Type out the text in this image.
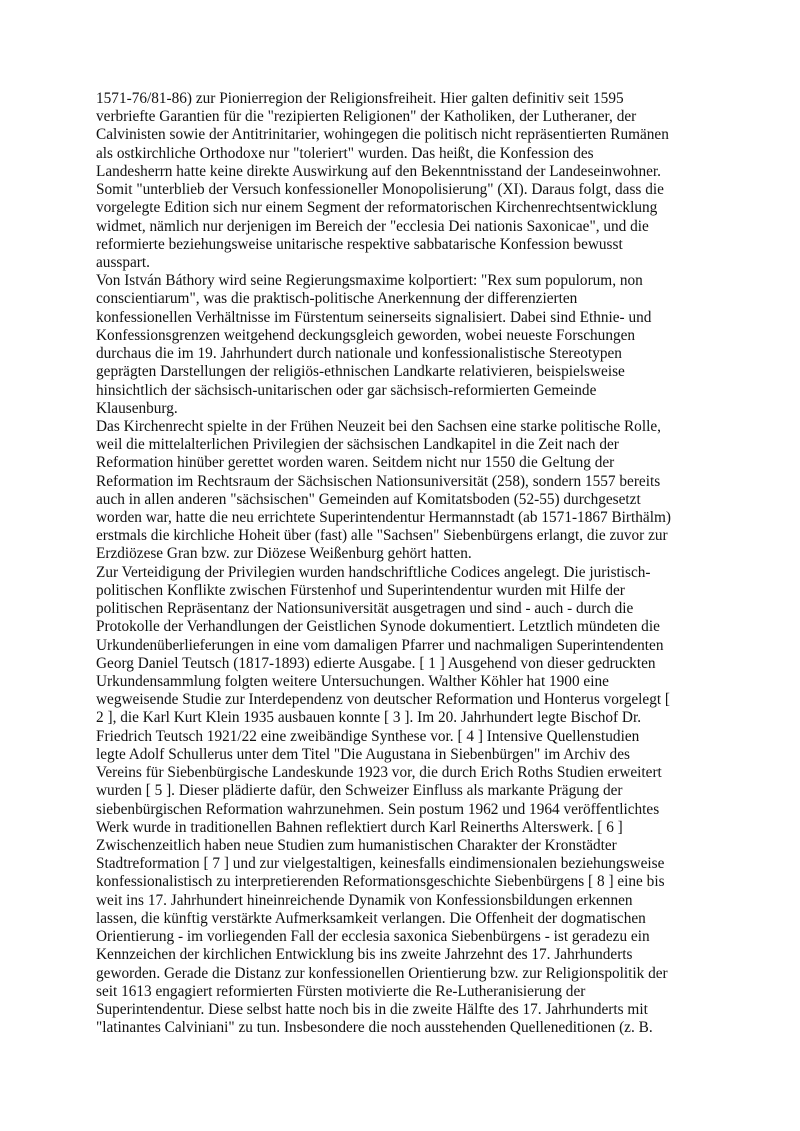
1571-76/81-86) zur Pionierregion der Religionsfreiheit. Hier galten definitiv seit 1595

verbriefte Garantien für die "rezipierten Religionen" der Katholiken, der Lutheraner, der

Calvinisten sowie der Antitrinitarier, wohingegen die politisch nicht repräsentierten Rumänen

als ostkirchliche Orthodoxe nur "toleriert" wurden. Das heißt, die Konfession des

Landesherrn hatte keine direkte Auswirkung auf den Bekenntnisstand der Landeseinwohner.

Somit "unterblieb der Versuch konfessioneller Monopolisierung" (XI). Daraus folgt, dass die

vorgelegte Edition sich nur einem Segment der reformatorischen Kirchenrechtsentwicklung

widmet, nämlich nur derjenigen im Bereich der "ecclesia Dei nationis Saxonicae", und die

reformierte beziehungsweise unitarische respektive sabbatarische Konfession bewusst

ausspart.

Von István Báthory wird seine Regierungsmaxime kolportiert: "Rex sum populorum, non

conscientiarum", was die praktisch-politische Anerkennung der differenzierten

konfessionellen Verhältnisse im Fürstentum seinerseits signalisiert. Dabei sind Ethnie- und

Konfessionsgrenzen weitgehend deckungsgleich geworden, wobei neueste Forschungen

durchaus die im 19. Jahrhundert durch nationale und konfessionalistische Stereotypen

geprägten Darstellungen der religiös-ethnischen Landkarte relativieren, beispielsweise

hinsichtlich der sächsisch-unitarischen oder gar sächsisch-reformierten Gemeinde

Klausenburg.

Das Kirchenrecht spielte in der Frühen Neuzeit bei den Sachsen eine starke politische Rolle,

weil die mittelalterlichen Privilegien der sächsischen Landkapitel in die Zeit nach der

Reformation hinüber gerettet worden waren. Seitdem nicht nur 1550 die Geltung der

Reformation im Rechtsraum der Sächsischen Nationsuniversität (258), sondern 1557 bereits

auch in allen anderen "sächsischen" Gemeinden auf Komitatsboden (52-55) durchgesetzt

worden war, hatte die neu errichtete Superintendentur Hermannstadt (ab 1571-1867 Birthälm)

erstmals die kirchliche Hoheit über (fast) alle "Sachsen" Siebenbürgens erlangt, die zuvor zur

Erzdiözese Gran bzw. zur Diözese Weißenburg gehört hatten.

Zur Verteidigung der Privilegien wurden handschriftliche Codices angelegt. Die juristisch-

politischen Konflikte zwischen Fürstenhof und Superintendentur wurden mit Hilfe der

politischen Repräsentanz der Nationsuniversität ausgetragen und sind - auch - durch die

Protokolle der Verhandlungen der Geistlichen Synode dokumentiert. Letztlich mündeten die

Urkundenüberlieferungen in eine vom damaligen Pfarrer und nachmaligen Superintendenten

Georg Daniel Teutsch (1817-1893) edierte Ausgabe. [ 1 ] Ausgehend von dieser gedruckten

Urkundensammlung folgten weitere Untersuchungen. Walther Köhler hat 1900 eine

wegweisende Studie zur Interdependenz von deutscher Reformation und Honterus vorgelegt [

2 ], die Karl Kurt Klein 1935 ausbauen konnte [ 3 ]. Im 20. Jahrhundert legte Bischof Dr.

Friedrich Teutsch 1921/22 eine zweibändige Synthese vor. [ 4 ] Intensive Quellenstudien

legte Adolf Schullerus unter dem Titel "Die Augustana in Siebenbürgen" im Archiv des

Vereins für Siebenbürgische Landeskunde 1923 vor, die durch Erich Roths Studien erweitert

wurden [ 5 ]. Dieser plädierte dafür, den Schweizer Einfluss als markante Prägung der

siebenbürgischen Reformation wahrzunehmen. Sein postum 1962 und 1964 veröffentlichtes

Werk wurde in traditionellen Bahnen reflektiert durch Karl Reinerths Alterswerk. [ 6 ]

Zwischenzeitlich haben neue Studien zum humanistischen Charakter der Kronstädter

Stadtreformation [ 7 ] und zur vielgestaltigen, keinesfalls eindimensionalen beziehungsweise

konfessionalistisch zu interpretierenden Reformationsgeschichte Siebenbürgens [ 8 ] eine bis

weit ins 17. Jahrhundert hineinreichende Dynamik von Konfessionsbildungen erkennen

lassen, die künftig verstärkte Aufmerksamkeit verlangen. Die Offenheit der dogmatischen

Orientierung - im vorliegenden Fall der ecclesia saxonica Siebenbürgens - ist geradezu ein

Kennzeichen der kirchlichen Entwicklung bis ins zweite Jahrzehnt des 17. Jahrhunderts

geworden. Gerade die Distanz zur konfessionellen Orientierung bzw. zur Religionspolitik der

seit 1613 engagiert reformierten Fürsten motivierte die Re-Lutheranisierung der

Superintendentur. Diese selbst hatte noch bis in die zweite Hälfte des 17. Jahrhunderts mit

"latinantes Calviniani" zu tun. Insbesondere die noch ausstehenden Quelleneditionen (z. B.
